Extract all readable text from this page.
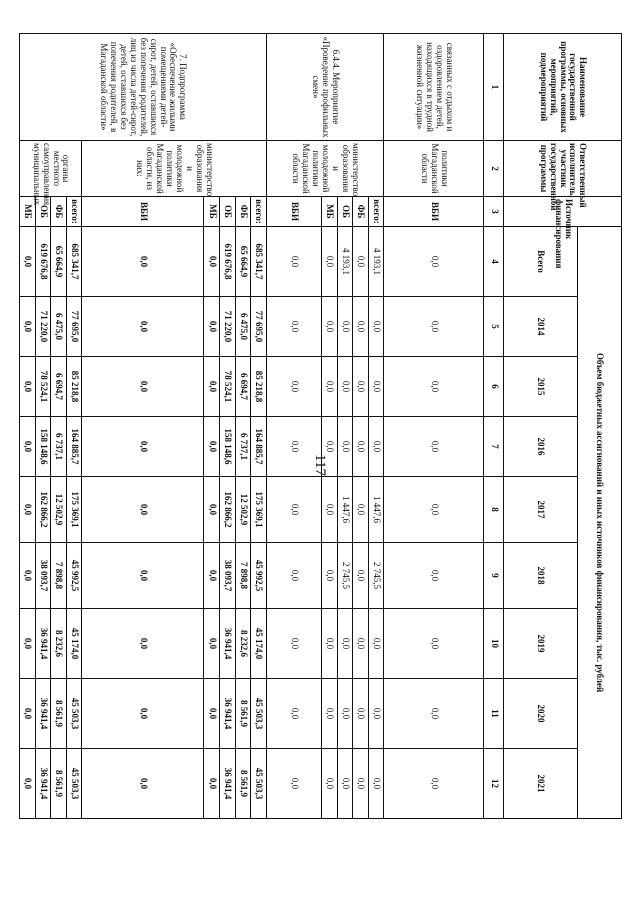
117
Наименование государственной программы, основных мероприятий, подмероприятий	Ответственный исполнитель, участник государственной программы	Источник финансирования	Объем бюджетных ассигнований и иных источников финансирования, тыс. рублей								
			Всего	2014	2015	2016	2017	2018	2019	2020	2021
1	2	3	4	5	6	7	8	9	10	11	12
связанных с отдыхом и оздоровлением детей, находящихся в трудной жизненной ситуации»	политики Магаданской области	ВБИ	0,0	0,0	0,0	0,0	0,0	0,0	0,0	0,0	0,0
6.4.4. Мероприятие «Проведение профильных смен»	министерство образования и молодежной политики Магаданской области	всего:	4 193,1	0,0	0,0	0,0	1 447,6	2 745,5	0,0	0,0	0,0
		ФБ	0,0	0,0	0,0	0,0	0,0	0,0	0,0	0,0	0,0
		ОБ	4 193,1	0,0	0,0	0,0	1 447,6	2 745,5	0,0	0,0	0,0
		МБ	0,0	0,0	0,0	0,0	0,0	0,0	0,0	0,0	0,0
		ВБИ	0,0	0,0	0,0	0,0	0,0	0,0	0,0	0,0	0,0
7. Подпрограмма «Обеспечение жилыми помещениями детей-сирот, детей, оставшихся без попечения родителей, лиц из числа детей-сирот, детей, оставшихся без попечения родителей, в Магаданской области»	министерство образования и молодежной политики Магаданской области, из них:	всего:	685 341,7	77 695,0	85 218,8	164 885,7	175 369,1	45 992,5	45 174,0	45 503,3	45 503,3
		ФБ	65 664,9	6 475,0	6 694,7	6 737,1	12 502,9	7 898,8	8 232,6	8 561,9	8 561,9
		ОБ	619 676,8	71 220,0	78 524,1	158 148,6	162 866,2	38 093,7	36 941,4	36 941,4	36 941,4
		МБ	0,0	0,0	0,0	0,0	0,0	0,0	0,0	0,0	0,0
		ВБИ	0,0	0,0	0,0	0,0	0,0	0,0	0,0	0,0	0,0
	органы местного самоуправления муниципальных	всего:	685 341,7	77 695,0	85 218,8	164 885,7	175 369,1	45 992,5	45 174,0	45 503,3	45 503,3
		ФБ	65 664,9	6 475,0	6 694,7	6 737,1	12 502,9	7 898,8	8 232,6	8 561,9	8 561,9
		ОБ	619 676,8	71 220,0	78 524,1	158 148,6	162 866,2	38 093,7	36 941,4	36 941,4	36 941,4
		МБ	0,0	0,0	0,0	0,0	0,0	0,0	0,0	0,0	0,0
